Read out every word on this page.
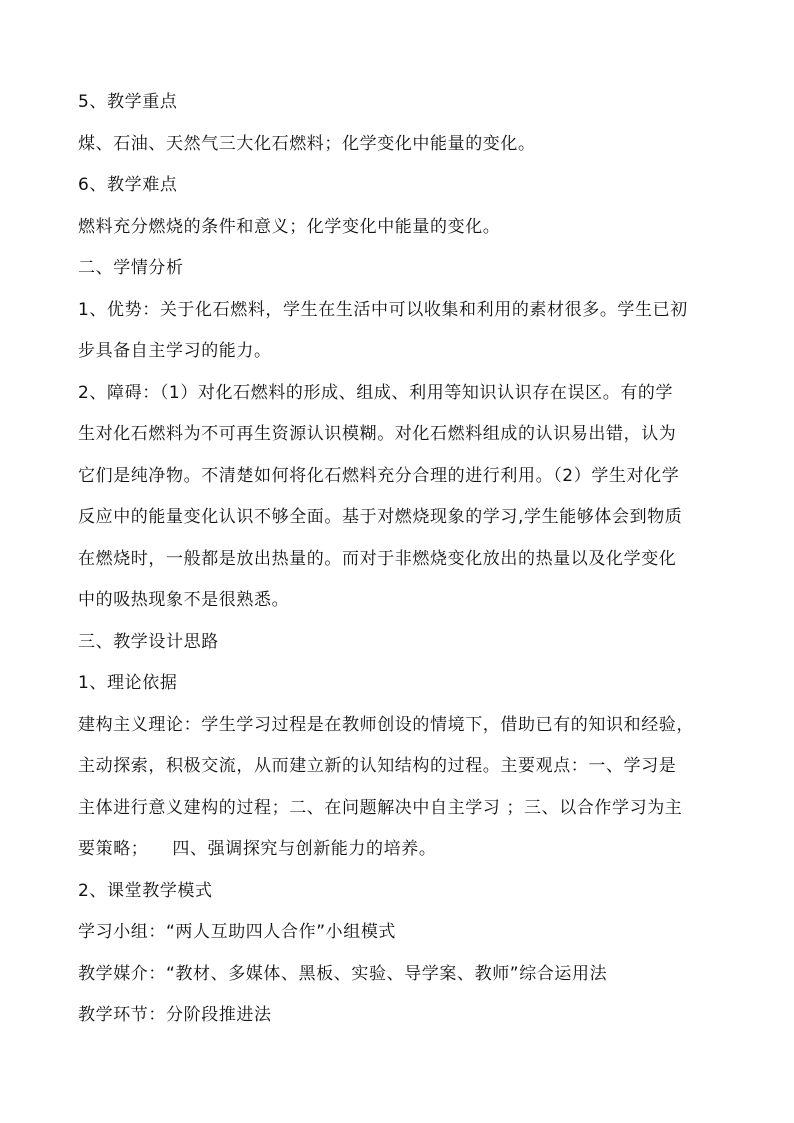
5、教学重点
煤、石油、天然气三大化石燃料；化学变化中能量的变化。
6、教学难点
燃料充分燃烧的条件和意义；化学变化中能量的变化。
二、学情分析
1、优势：关于化石燃料，学生在生活中可以收集和利用的素材很多。学生已初
步具备自主学习的能力。
2、障碍：（1）对化石燃料的形成、组成、利用等知识认识存在误区。有的学
生对化石燃料为不可再生资源认识模糊。对化石燃料组成的认识易出错，认为
它们是纯净物。不清楚如何将化石燃料充分合理的进行利用。（2）学生对化学
反应中的能量变化认识不够全面。基于对燃烧现象的学习,学生能够体会到物质
在燃烧时，一般都是放出热量的。而对于非燃烧变化放出的热量以及化学变化
中的吸热现象不是很熟悉。
三、教学设计思路
1、理论依据
建构主义理论：学生学习过程是在教师创设的情境下，借助已有的知识和经验，
主动探索，积极交流，从而建立新的认知结构的过程。主要观点：一、学习是
主体进行意义建构的过程；二、在问题解决中自主学习 ；三、以合作学习为主
要策略；    四、强调探究与创新能力的培养。
2、课堂教学模式
学习小组：“两人互助四人合作”小组模式
教学媒介：“教材、多媒体、黑板、实验、导学案、教师”综合运用法
教学环节：分阶段推进法
